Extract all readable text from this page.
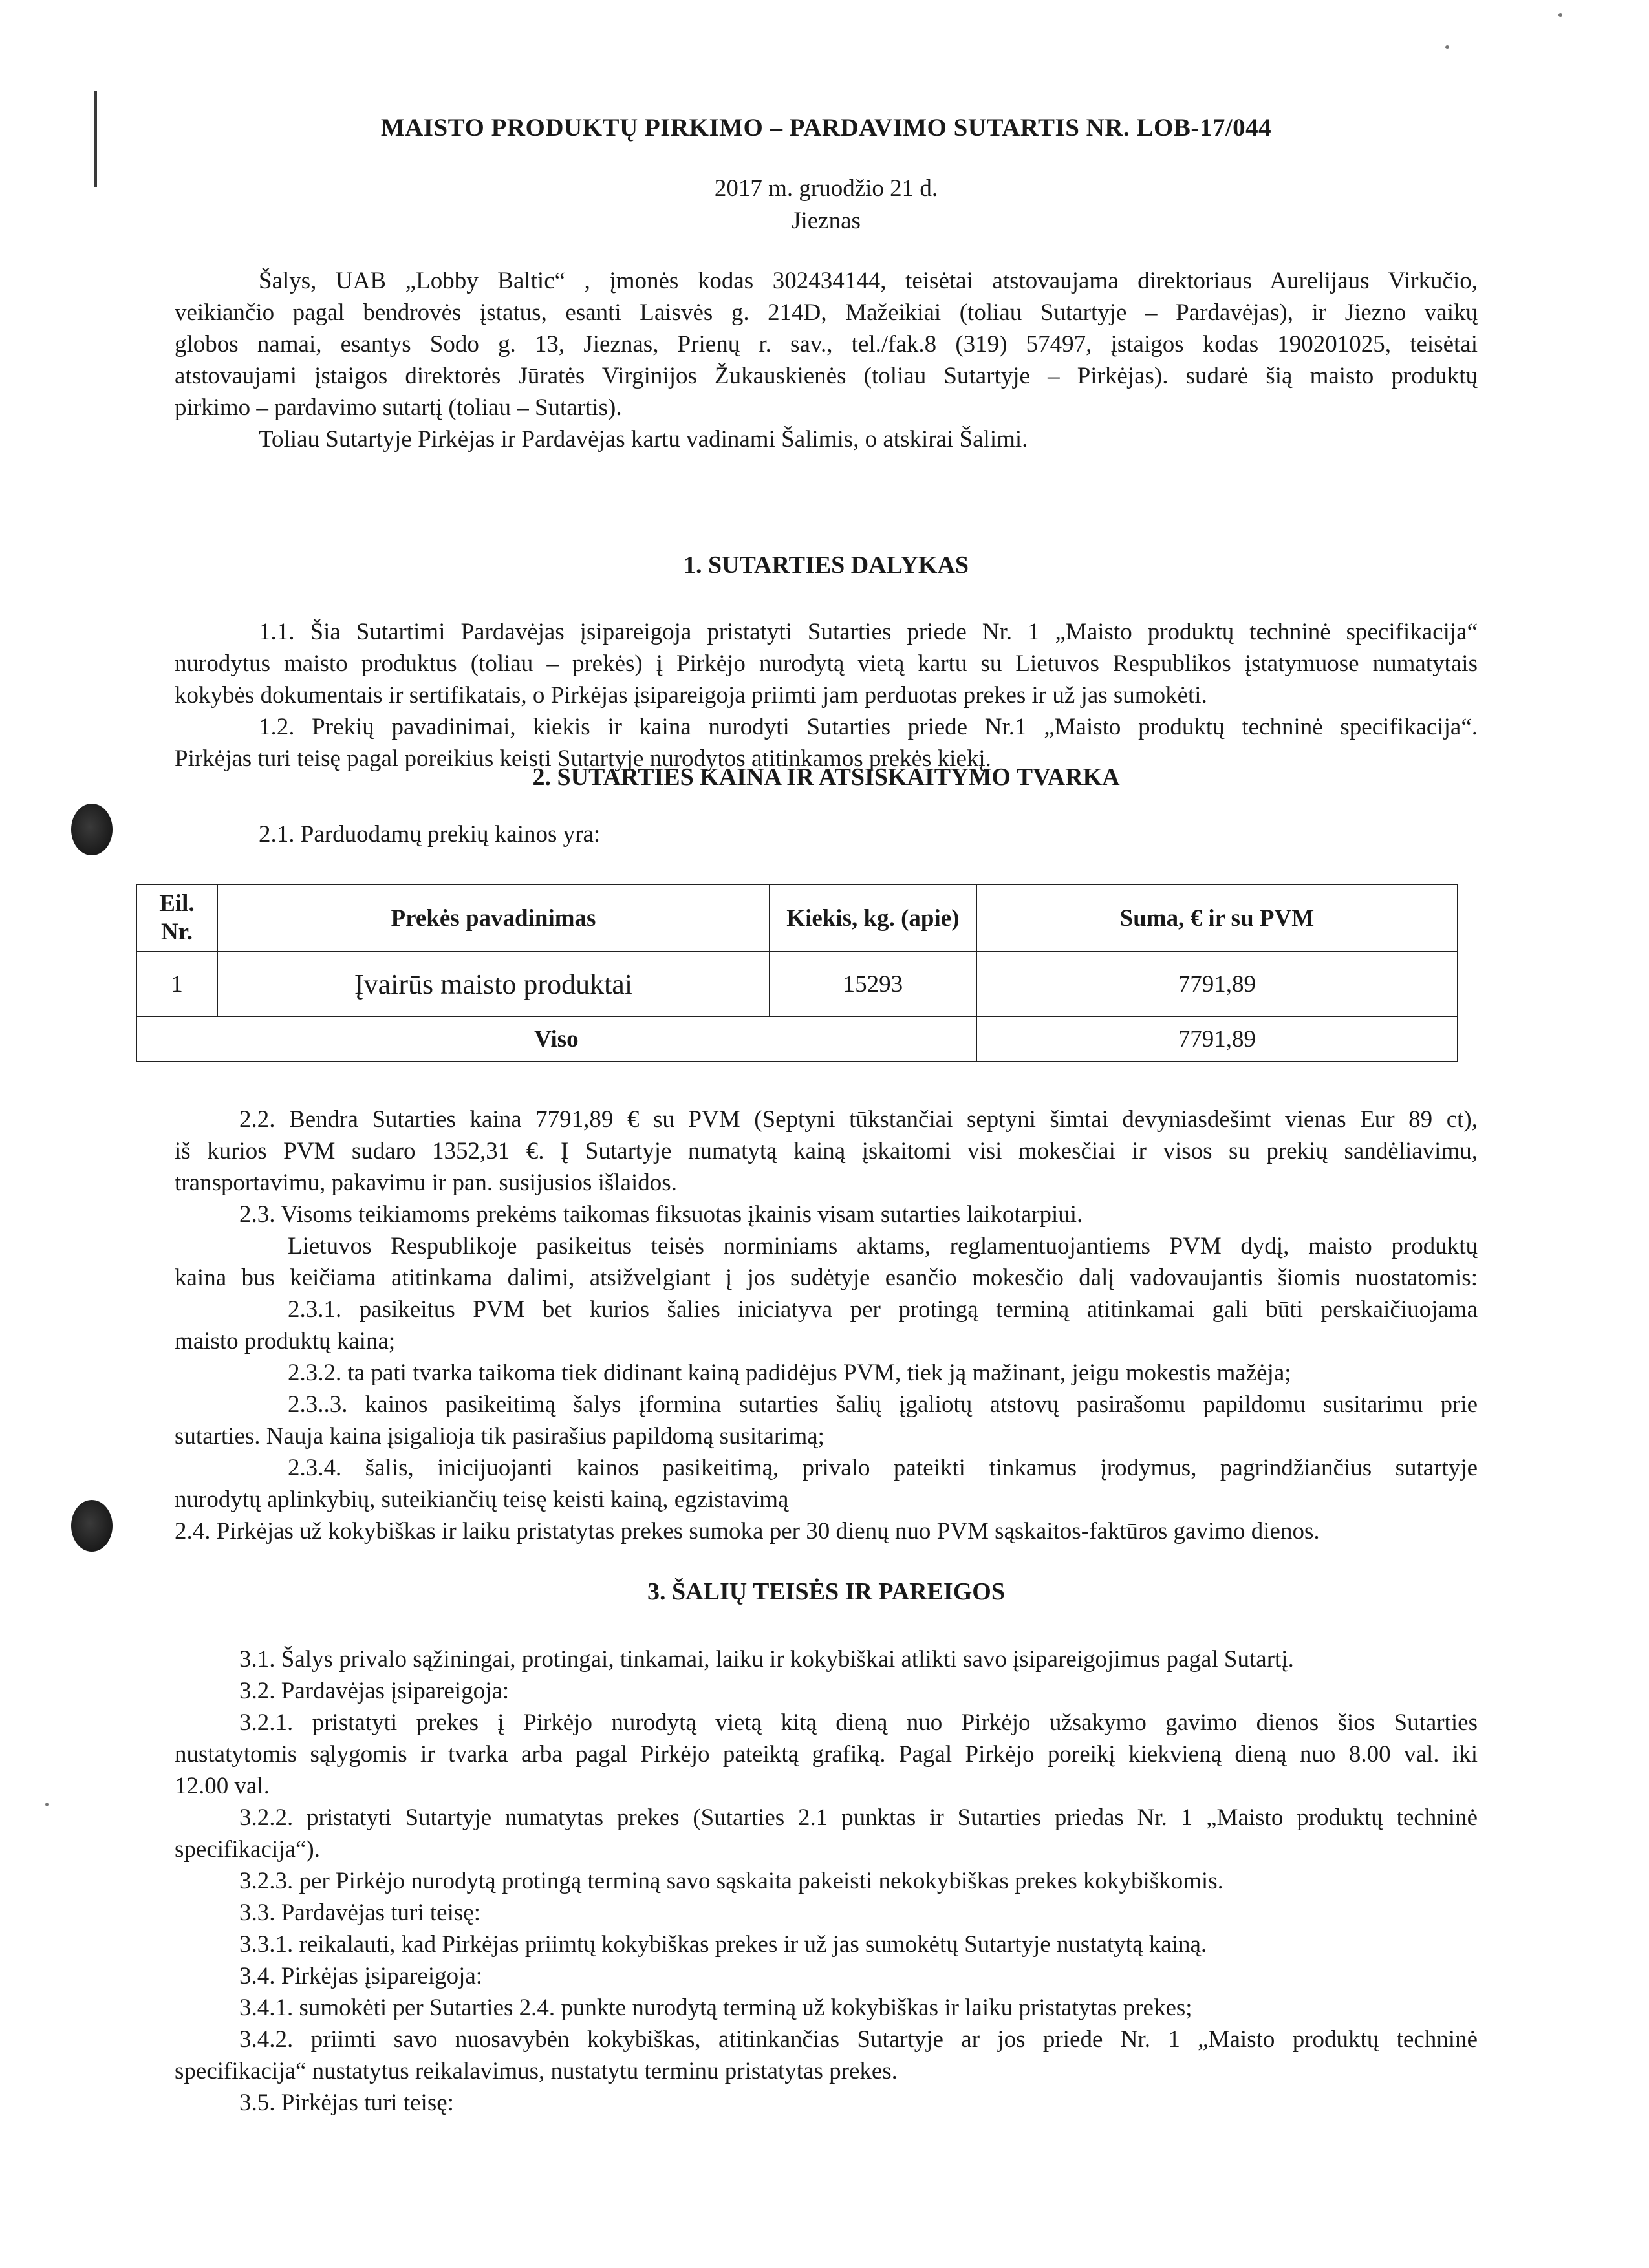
MAISTO PRODUKTŲ PIRKIMO – PARDAVIMO SUTARTIS NR. LOB-17/044
2017 m. gruodžio 21 d.
Jieznas
Šalys, UAB „Lobby Baltic“ , įmonės kodas 302434144, teisėtai atstovaujama direktoriaus Aurelijaus Virkučio,
veikiančio pagal bendrovės įstatus, esanti Laisvės g. 214D, Mažeikiai (toliau Sutartyje – Pardavėjas), ir Jiezno vaikų
globos namai, esantys Sodo g. 13, Jieznas, Prienų r. sav., tel./fak.8 (319) 57497, įstaigos kodas 190201025, teisėtai
atstovaujami įstaigos direktorės Jūratės Virginijos Žukauskienės (toliau Sutartyje – Pirkėjas). sudarė šią maisto produktų
pirkimo – pardavimo sutartį (toliau – Sutartis).
Toliau Sutartyje Pirkėjas ir Pardavėjas kartu vadinami Šalimis, o atskirai Šalimi.
1. SUTARTIES DALYKAS
1.1. Šia Sutartimi Pardavėjas įsipareigoja pristatyti Sutarties priede Nr. 1 „Maisto produktų techninė specifikacija“
nurodytus maisto produktus (toliau – prekės) į Pirkėjo nurodytą vietą kartu su Lietuvos Respublikos įstatymuose numatytais
kokybės dokumentais ir sertifikatais, o Pirkėjas įsipareigoja priimti jam perduotas prekes ir už jas sumokėti.
1.2. Prekių pavadinimai, kiekis ir kaina nurodyti Sutarties priede Nr.1 „Maisto produktų techninė specifikacija“.
Pirkėjas turi teisę pagal poreikius keisti Sutartyje nurodytos atitinkamos prekės kiekį.
2. SUTARTIES KAINA IR ATSISKAITYMO TVARKA
2.1. Parduodamų prekių kainos yra:
Eil. Nr.	Prekės pavadinimas	Kiekis, kg. (apie)	Suma, € ir su PVM
1	Įvairūs maisto produktai	15293	7791,89
Viso			7791,89
2.2. Bendra Sutarties kaina 7791,89 € su PVM (Septyni tūkstančiai septyni šimtai devyniasdešimt vienas Eur 89 ct),
iš kurios PVM sudaro 1352,31 €. Į Sutartyje numatytą kainą įskaitomi visi mokesčiai ir visos su prekių sandėliavimu,
transportavimu, pakavimu ir pan. susijusios išlaidos.
2.3. Visoms teikiamoms prekėms taikomas fiksuotas įkainis visam sutarties laikotarpiui.
Lietuvos Respublikoje pasikeitus teisės norminiams aktams, reglamentuojantiems PVM dydį, maisto produktų
kaina bus keičiama atitinkama dalimi, atsižvelgiant į jos sudėtyje esančio mokesčio dalį vadovaujantis šiomis nuostatomis:
2.3.1. pasikeitus PVM bet kurios šalies iniciatyva per protingą terminą atitinkamai gali būti perskaičiuojama
maisto produktų kaina;
2.3.2. ta pati tvarka taikoma tiek didinant kainą padidėjus PVM, tiek ją mažinant, jeigu mokestis mažėja;
2.3..3. kainos pasikeitimą šalys įformina sutarties šalių įgaliotų atstovų pasirašomu papildomu susitarimu prie
sutarties. Nauja kaina įsigalioja tik pasirašius papildomą susitarimą;
2.3.4. šalis, inicijuojanti kainos pasikeitimą, privalo pateikti tinkamus įrodymus, pagrindžiančius sutartyje
nurodytų aplinkybių, suteikiančių teisę keisti kainą, egzistavimą
2.4. Pirkėjas už kokybiškas ir laiku pristatytas prekes sumoka per 30 dienų nuo PVM sąskaitos-faktūros gavimo dienos.
3. ŠALIŲ TEISĖS IR PAREIGOS
3.1. Šalys privalo sąžiningai, protingai, tinkamai, laiku ir kokybiškai atlikti savo įsipareigojimus pagal Sutartį.
3.2. Pardavėjas įsipareigoja:
3.2.1. pristatyti prekes į Pirkėjo nurodytą vietą kitą dieną nuo Pirkėjo užsakymo gavimo dienos šios Sutarties
nustatytomis sąlygomis ir tvarka arba pagal Pirkėjo pateiktą grafiką. Pagal Pirkėjo poreikį kiekvieną dieną nuo 8.00 val. iki
12.00 val.
3.2.2. pristatyti Sutartyje numatytas prekes (Sutarties 2.1 punktas ir Sutarties priedas Nr. 1 „Maisto produktų techninė
specifikacija“).
3.2.3. per Pirkėjo nurodytą protingą terminą savo sąskaita pakeisti nekokybiškas prekes kokybiškomis.
3.3. Pardavėjas turi teisę:
3.3.1. reikalauti, kad Pirkėjas priimtų kokybiškas prekes ir už jas sumokėtų Sutartyje nustatytą kainą.
3.4. Pirkėjas įsipareigoja:
3.4.1. sumokėti per Sutarties 2.4. punkte nurodytą terminą už kokybiškas ir laiku pristatytas prekes;
3.4.2. priimti savo nuosavybėn kokybiškas, atitinkančias Sutartyje ar jos priede Nr. 1 „Maisto produktų techninė
specifikacija“ nustatytus reikalavimus, nustatytu terminu pristatytas prekes.
3.5. Pirkėjas turi teisę:
